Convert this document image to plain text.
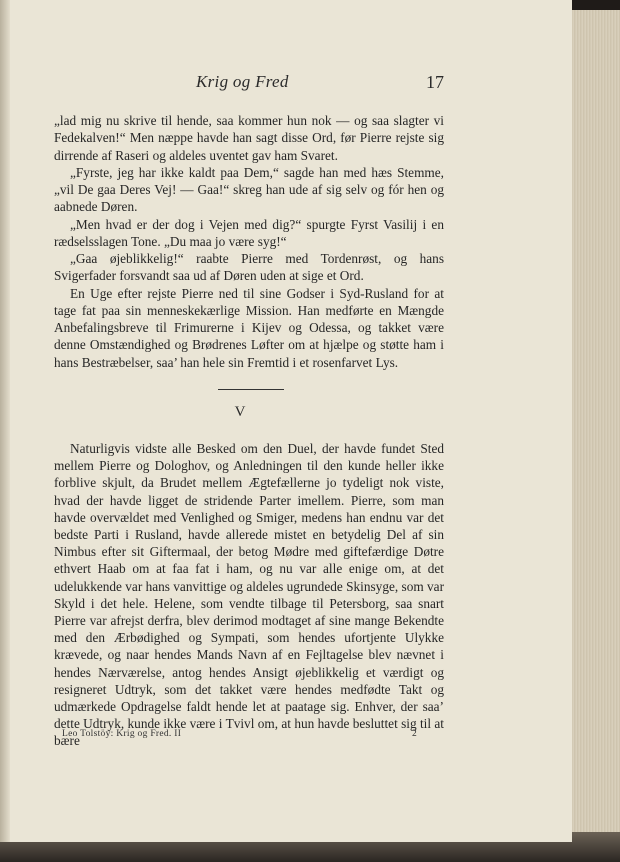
Krig og Fred	17

„lad mig nu skrive til hende, saa kommer hun nok — og saa slagter vi Fedekalven!“ Men næppe havde han sagt disse Ord, før Pierre rejste sig dirrende af Raseri og aldeles uventet gav ham Svaret.

„Fyrste, jeg har ikke kaldt paa Dem,“ sagde han med hæs Stemme, „vil De gaa Deres Vej! — Gaa!“ skreg han ude af sig selv og fór hen og aabnede Døren.

„Men hvad er der dog i Vejen med dig?“ spurgte Fyrst Vasilij i en rædselsslagen Tone. „Du maa jo være syg!“

„Gaa øjeblikkelig!“ raabte Pierre med Tordenrøst, og hans Svigerfader forsvandt saa ud af Døren uden at sige et Ord.

En Uge efter rejste Pierre ned til sine Godser i Syd-Rusland for at tage fat paa sin menneskekærlige Mission. Han medførte en Mængde Anbefalingsbreve til Frimurerne i Kijev og Odessa, og takket være denne Omstændighed og Brødrenes Løfter om at hjælpe og støtte ham i hans Bestræbelser, saa’ han hele sin Fremtid i et rosenfarvet Lys.

V

Naturligvis vidste alle Besked om den Duel, der havde fundet Sted mellem Pierre og Dologhov, og Anledningen til den kunde heller ikke forblive skjult, da Brudet mellem Ægtefællerne jo tydeligt nok viste, hvad der havde ligget de stridende Parter imellem. Pierre, som man havde overvældet med Venlighed og Smiger, medens han endnu var det bedste Parti i Rusland, havde allerede mistet en betydelig Del af sin Nimbus efter sit Giftermaal, der betog Mødre med giftefærdige Døtre ethvert Haab om at faa fat i ham, og nu var alle enige om, at det udelukkende var hans vanvittige og aldeles ugrundede Skinsyge, som var Skyld i det hele. Helene, som vendte tilbage til Petersborg, saa snart Pierre var afrejst derfra, blev derimod modtaget af sine mange Bekendte med den Ærbødighed og Sympati, som hendes ufortjente Ulykke krævede, og naar hendes Mands Navn af en Fejltagelse blev nævnet i hendes Nærværelse, antog hendes Ansigt øjeblikkelig et værdigt og resigneret Udtryk, som det takket være hendes medfødte Takt og udmærkede Opdragelse faldt hende let at paatage sig. Enhver, der saa’ dette Udtryk, kunde ikke være i Tvivl om, at hun havde besluttet sig til at bære

Leo Tolstöy: Krig og Fred. II	2
